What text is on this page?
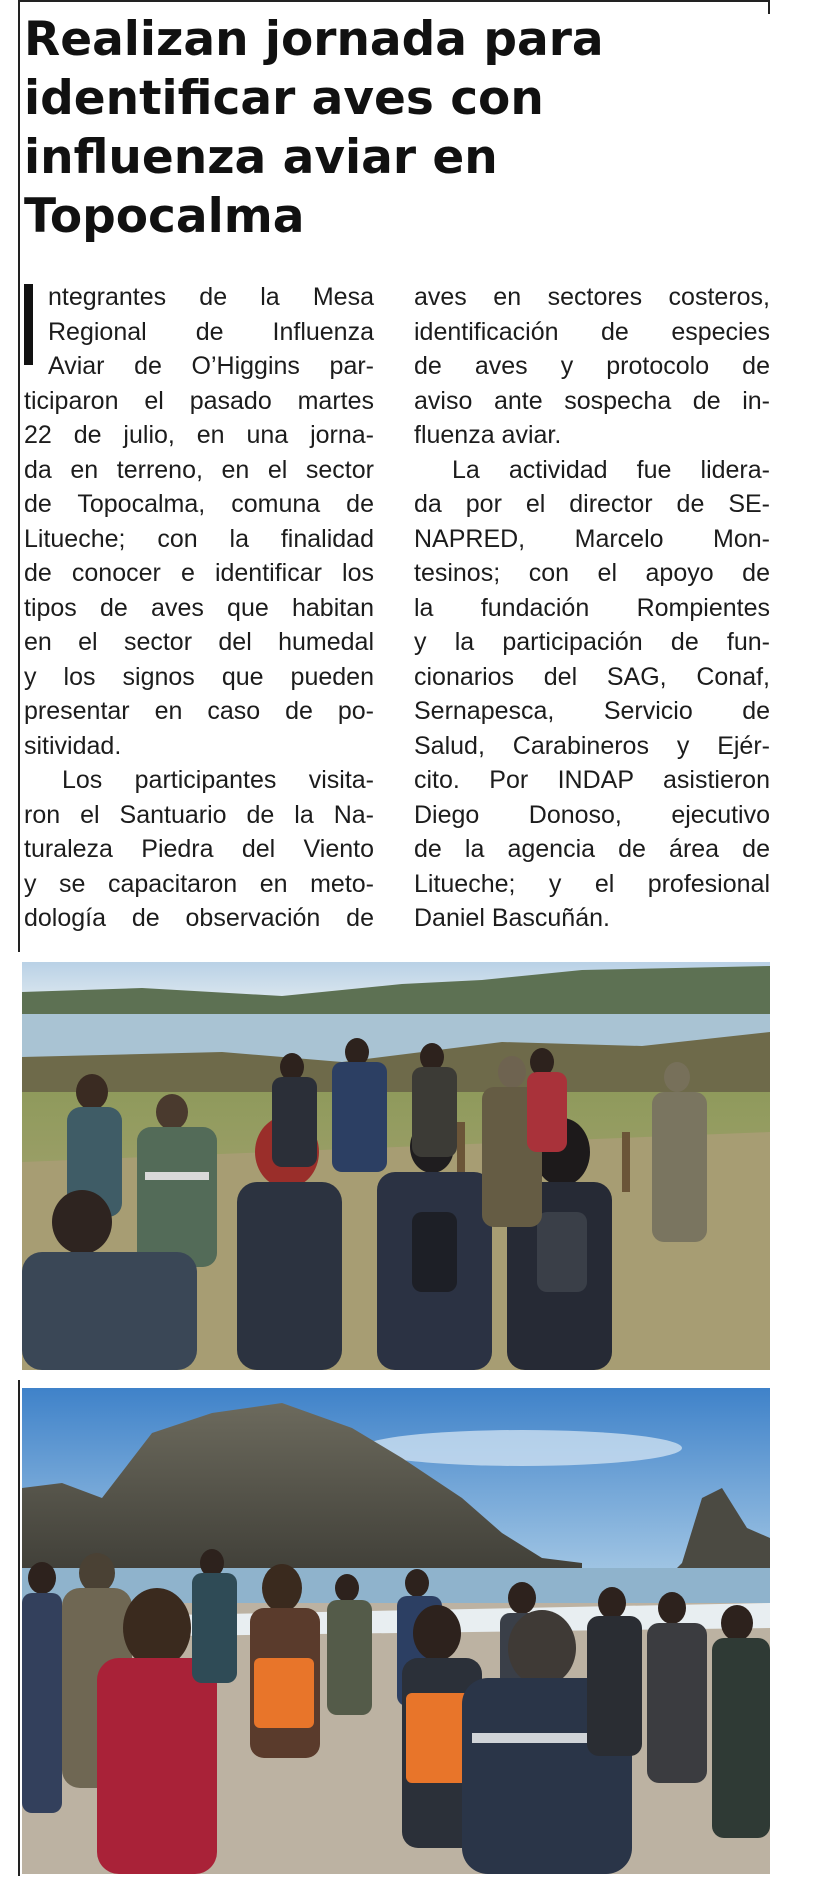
Realizan jornada para identificar aves con influenza aviar en Topocalma
ntegrantes de la Mesa
Regional de Influenza
Aviar de O’Higgins par-
ticiparon el pasado martes
22 de julio, en una jorna-
da en terreno, en el sector
de Topocalma, comuna de
Litueche; con la finalidad
de conocer e identificar los
tipos de aves que habitan
en el sector del humedal
y los signos que pueden
presentar en caso de po-
sitividad.
Los participantes visita-
ron el Santuario de la Na-
turaleza Piedra del Viento
y se capacitaron en meto-
dología de observación de
aves en sectores costeros,
identificación de especies
de aves y protocolo de
aviso ante sospecha de in-
fluenza aviar.
La actividad fue lidera-
da por el director de SE-
NAPRED, Marcelo Mon-
tesinos; con el apoyo de
la fundación Rompientes
y la participación de fun-
cionarios del SAG, Conaf,
Sernapesca, Servicio de
Salud, Carabineros y Ejér-
cito. Por INDAP asistieron
Diego Donoso, ejecutivo
de la agencia de área de
Litueche; y el profesional
Daniel Bascuñán.
